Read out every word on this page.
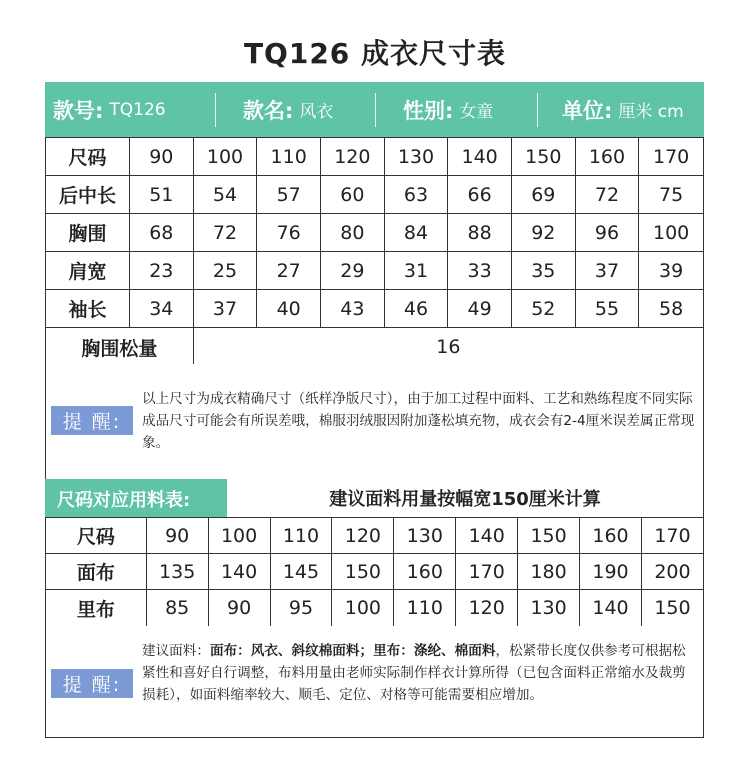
TQ126 成衣尺寸表
款号: TQ126	款名: 风衣	性别: 女童	单位: 厘米 cm
尺码	90	100	110	120	130	140	150	160	170
后中长	51	54	57	60	63	66	69	72	75
胸围	68	72	76	80	84	88	92	96	100
肩宽	23	25	27	29	31	33	35	37	39
袖长	34	37	40	43	46	49	52	55	58
胸围松量		16							
提 醒:
以上尺寸为成衣精确尺寸（纸样净版尺寸），由于加工过程中面料、工艺和熟练程度不同实际成品尺寸可能会有所误差哦，棉服羽绒服因附加蓬松填充物，成衣会有2-4厘米误差属正常现象。
尺码对应用料表:	建议面料用量按幅宽150厘米计算
尺码	90	100	110	120	130	140	150	160	170
面布	135	140	145	150	160	170	180	190	200
里布	85	90	95	100	110	120	130	140	150
提 醒:
建议面料：面布：风衣、斜纹棉面料；里布：涤纶、棉面料，松紧带长度仅供参考可根据松紧性和喜好自行调整，布料用量由老师实际制作样衣计算所得（已包含面料正常缩水及裁剪损耗），如面料缩率较大、顺毛、定位、对格等可能需要相应增加。
